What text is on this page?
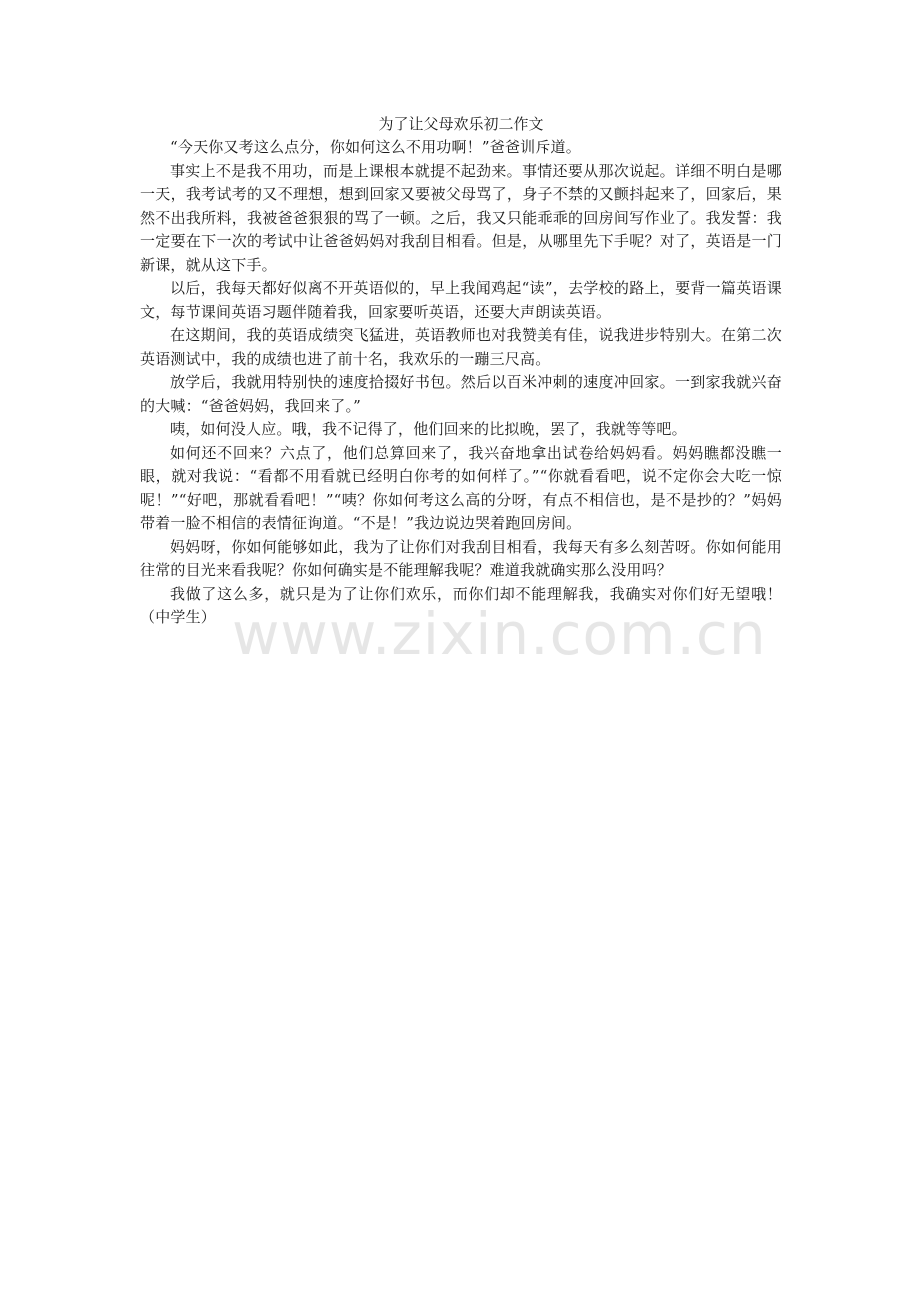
为了让父母欢乐初二作文

“今天你又考这么点分，你如何这么不用功啊！”爸爸训斥道。

事实上不是我不用功，而是上课根本就提不起劲来。事情还要从那次说起。详细不明白是哪一天，我考试考的又不理想，想到回家又要被父母骂了，身子不禁的又颤抖起来了，回家后，果然不出我所料，我被爸爸狠狠的骂了一顿。之后，我又只能乖乖的回房间写作业了。我发誓：我一定要在下一次的考试中让爸爸妈妈对我刮目相看。但是，从哪里先下手呢？对了，英语是一门新课，就从这下手。

以后，我每天都好似离不开英语似的，早上我闻鸡起“读”，去学校的路上，要背一篇英语课文，每节课间英语习题伴随着我，回家要听英语，还要大声朗读英语。

在这期间，我的英语成绩突飞猛进，英语教师也对我赞美有佳，说我进步特别大。在第二次英语测试中，我的成绩也进了前十名，我欢乐的一蹦三尺高。

放学后，我就用特别快的速度拾掇好书包。然后以百米冲刺的速度冲回家。一到家我就兴奋的大喊：“爸爸妈妈，我回来了。”

咦，如何没人应。哦，我不记得了，他们回来的比拟晚，罢了，我就等等吧。

如何还不回来？六点了，他们总算回来了，我兴奋地拿出试卷给妈妈看。妈妈瞧都没瞧一眼，就对我说：“看都不用看就已经明白你考的如何样了。”“你就看看吧，说不定你会大吃一惊呢！”“好吧，那就看看吧！”“咦？你如何考这么高的分呀，有点不相信也，是不是抄的？”妈妈带着一脸不相信的表情征询道。“不是！”我边说边哭着跑回房间。

妈妈呀，你如何能够如此，我为了让你们对我刮目相看，我每天有多么刻苦呀。你如何能用往常的目光来看我呢？你如何确实是不能理解我呢？难道我就确实那么没用吗？

我做了这么多，就只是为了让你们欢乐，而你们却不能理解我，我确实对你们好无望哦！（中学生） www.zixin.com.cn
